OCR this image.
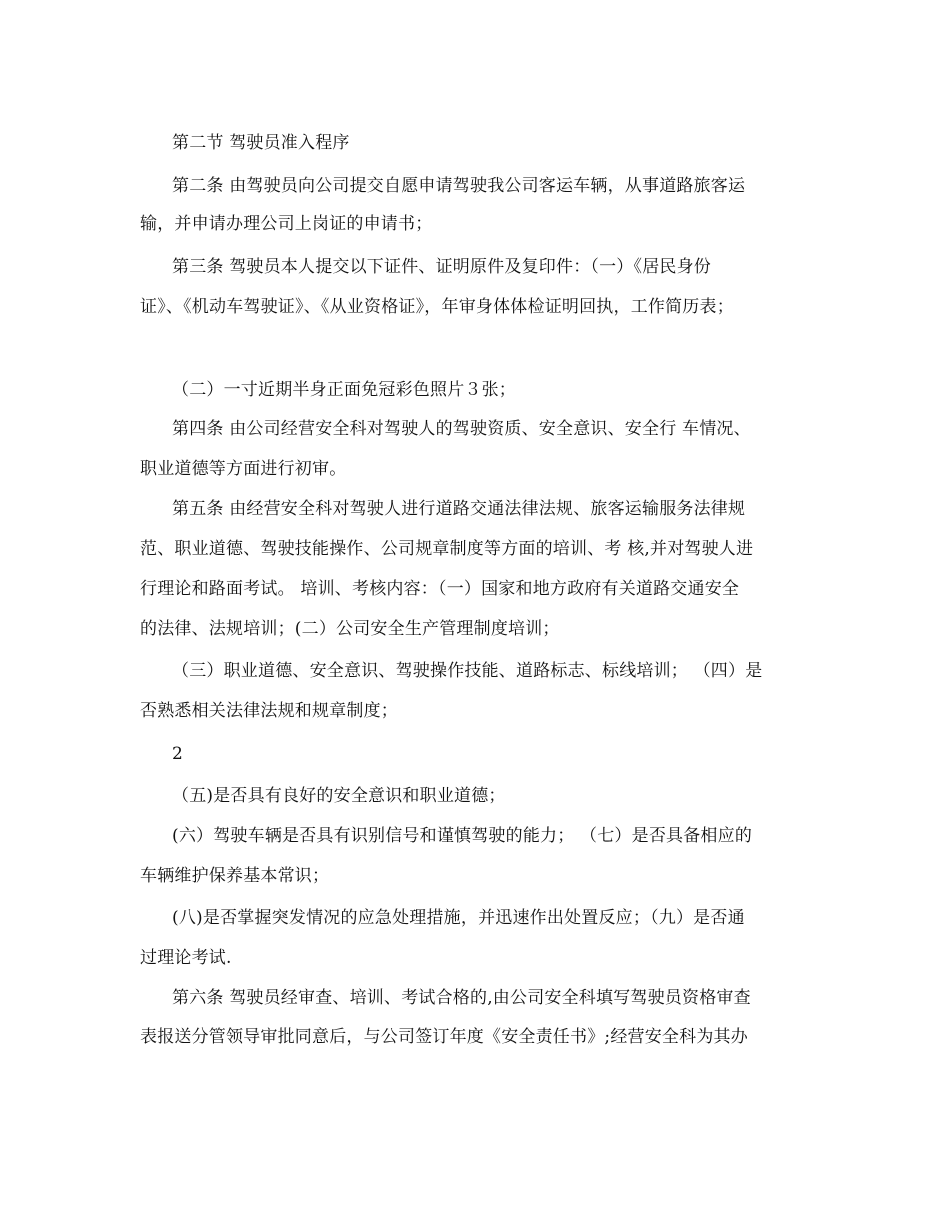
第二节 驾驶员准入程序
第二条 由驾驶员向公司提交自愿申请驾驶我公司客运车辆，从事道路旅客运
输，并申请办理公司上岗证的申请书；
第三条 驾驶员本人提交以下证件、证明原件及复印件：（一）《居民身份
证》、《机动车驾驶证》、《从业资格证》，年审身体体检证明回执，工作简历表；
（二）一寸近期半身正面免冠彩色照片３张；
第四条 由公司经营安全科对驾驶人的驾驶资质、安全意识、安全行 车情况、
职业道德等方面进行初审。
第五条 由经营安全科对驾驶人进行道路交通法律法规、旅客运输服务法律规
范、职业道德、驾驶技能操作、公司规章制度等方面的培训、考 核,并对驾驶人进
行理论和路面考试。 培训、考核内容：（一）国家和地方政府有关道路交通安全
的法律、法规培训；(二）公司安全生产管理制度培训；
（三）职业道德、安全意识、驾驶操作技能、道路标志、标线培训； （四）是
否熟悉相关法律法规和规章制度；
2
（五)是否具有良好的安全意识和职业道德；
(六）驾驶车辆是否具有识别信号和谨慎驾驶的能力； （七）是否具备相应的
车辆维护保养基本常识；
(八)是否掌握突发情况的应急处理措施，并迅速作出处置反应；（九）是否通
过理论考试.
第六条 驾驶员经审查、培训、考试合格的,由公司安全科填写驾驶员资格审查
表报送分管领导审批同意后，与公司签订年度《安全责任书》;经营安全科为其办
